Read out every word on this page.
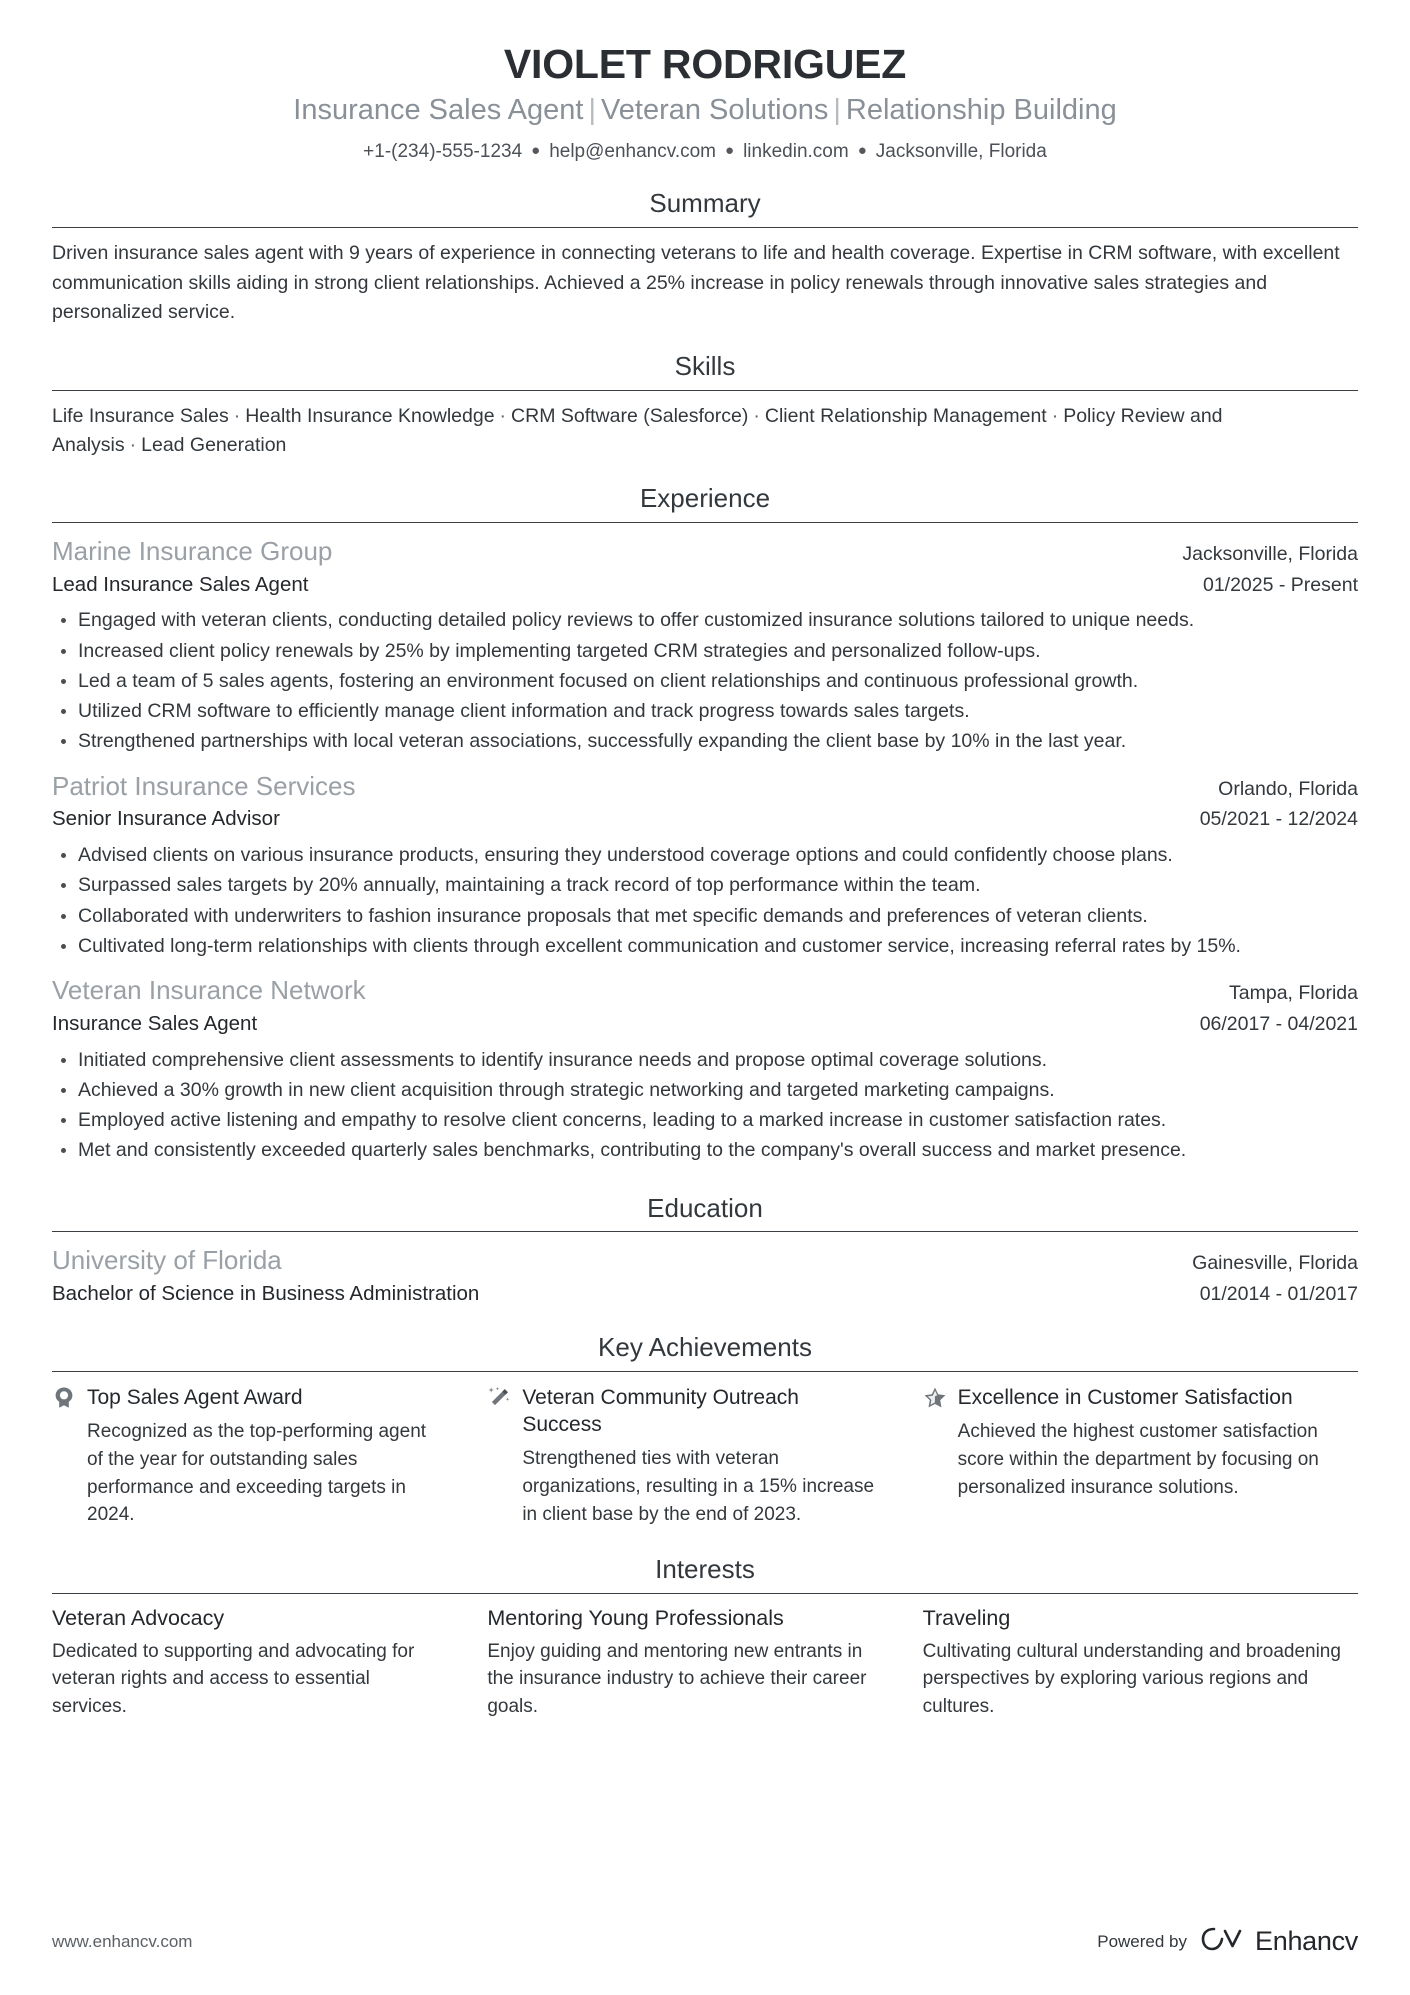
VIOLET RODRIGUEZ
Insurance Sales Agent | Veteran Solutions | Relationship Building
+1-(234)-555-1234 ● help@enhancv.com ● linkedin.com ● Jacksonville, Florida
Summary

Driven insurance sales agent with 9 years of experience in connecting veterans to life and health coverage. Expertise in CRM software, with excellent communication skills aiding in strong client relationships. Achieved a 25% increase in policy renewals through innovative sales strategies and personalized service.

Skills
Life Insurance Sales · Health Insurance Knowledge · CRM Software (Salesforce) · Client Relationship Management · Policy Review and Analysis · Lead Generation
Experience
Marine Insurance Group	Jacksonville, Florida
Lead Insurance Sales Agent	01/2025 - Present
Engaged with veteran clients, conducting detailed policy reviews to offer customized insurance solutions tailored to unique needs.
Increased client policy renewals by 25% by implementing targeted CRM strategies and personalized follow-ups.
Led a team of 5 sales agents, fostering an environment focused on client relationships and continuous professional growth.
Utilized CRM software to efficiently manage client information and track progress towards sales targets.
Strengthened partnerships with local veteran associations, successfully expanding the client base by 10% in the last year.
Patriot Insurance Services	Orlando, Florida
Senior Insurance Advisor	05/2021 - 12/2024
Advised clients on various insurance products, ensuring they understood coverage options and could confidently choose plans.
Surpassed sales targets by 20% annually, maintaining a track record of top performance within the team.
Collaborated with underwriters to fashion insurance proposals that met specific demands and preferences of veteran clients.
Cultivated long-term relationships with clients through excellent communication and customer service, increasing referral rates by 15%.
Veteran Insurance Network	Tampa, Florida
Insurance Sales Agent	06/2017 - 04/2021
Initiated comprehensive client assessments to identify insurance needs and propose optimal coverage solutions.
Achieved a 30% growth in new client acquisition through strategic networking and targeted marketing campaigns.
Employed active listening and empathy to resolve client concerns, leading to a marked increase in customer satisfaction rates.
Met and consistently exceeded quarterly sales benchmarks, contributing to the company's overall success and market presence.
Education
University of Florida	Gainesville, Florida
Bachelor of Science in Business Administration	01/2014 - 01/2017
Key Achievements
Top Sales Agent Award
Recognized as the top-performing agent of the year for outstanding sales performance and exceeding targets in 2024.
Veteran Community Outreach Success
Strengthened ties with veteran organizations, resulting in a 15% increase in client base by the end of 2023.
Excellence in Customer Satisfaction
Achieved the highest customer satisfaction score within the department by focusing on personalized insurance solutions.
Interests
Veteran Advocacy
Dedicated to supporting and advocating for veteran rights and access to essential services.
Mentoring Young Professionals
Enjoy guiding and mentoring new entrants in the insurance industry to achieve their career goals.
Traveling
Cultivating cultural understanding and broadening perspectives by exploring various regions and cultures.
www.enhancv.com	Powered by	Enhancv
